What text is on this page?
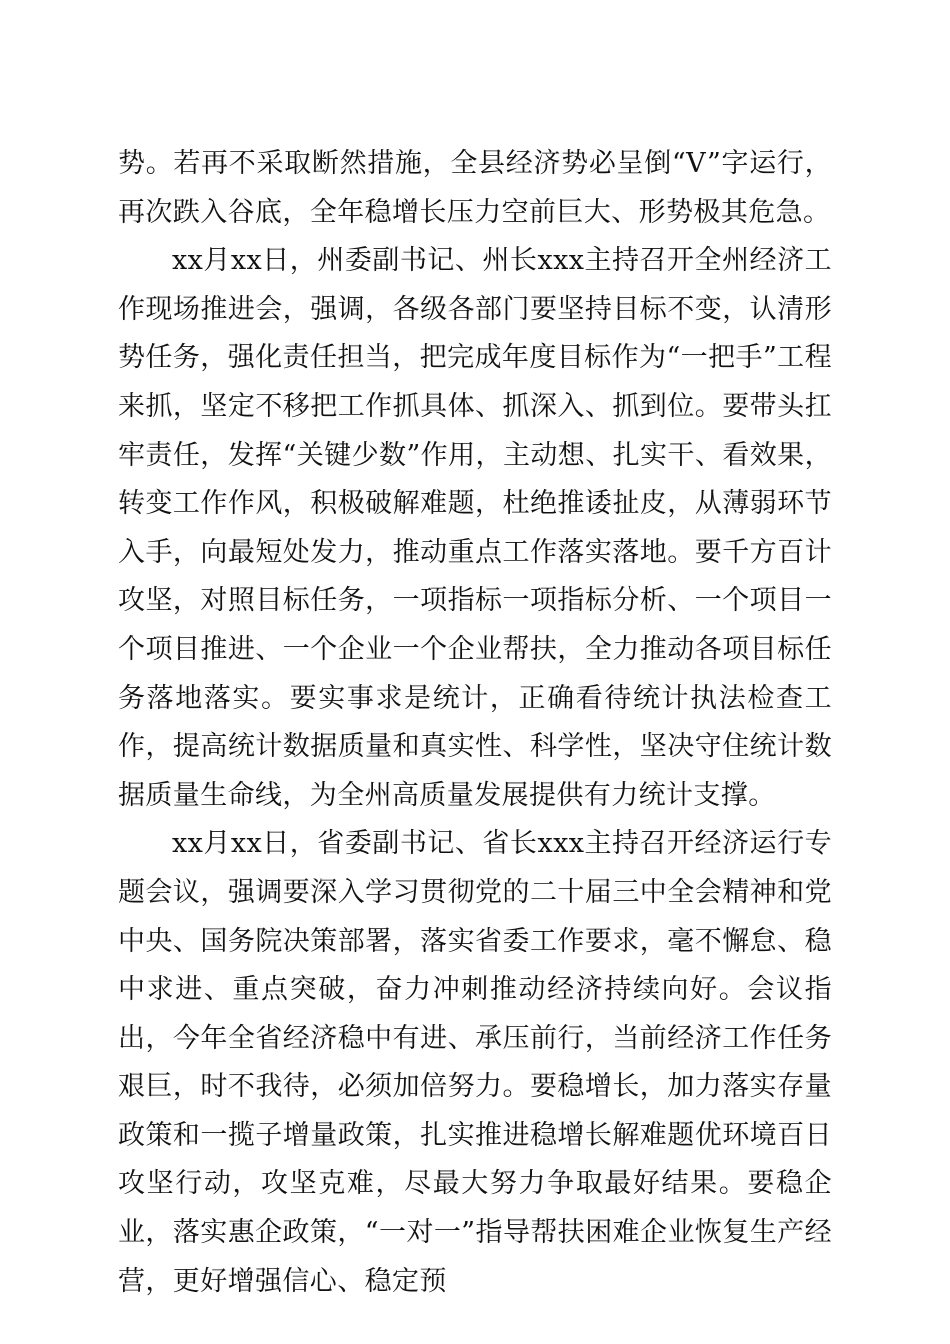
势。若再不采取断然措施，全县经济势必呈倒“V”字运行，再次跌入谷底，全年稳增长压力空前巨大、形势极其危急。

xx月xx日，州委副书记、州长xxx主持召开全州经济工作现场推进会，强调，各级各部门要坚持目标不变，认清形势任务，强化责任担当，把完成年度目标作为“一把手”工程来抓，坚定不移把工作抓具体、抓深入、抓到位。要带头扛牢责任，发挥“关键少数”作用，主动想、扎实干、看效果，转变工作作风，积极破解难题，杜绝推诿扯皮，从薄弱环节入手，向最短处发力，推动重点工作落实落地。要千方百计攻坚，对照目标任务，一项指标一项指标分析、一个项目一个项目推进、一个企业一个企业帮扶，全力推动各项目标任务落地落实。要实事求是统计，正确看待统计执法检查工作，提高统计数据质量和真实性、科学性，坚决守住统计数据质量生命线，为全州高质量发展提供有力统计支撑。

xx月xx日，省委副书记、省长xxx主持召开经济运行专题会议，强调要深入学习贯彻党的二十届三中全会精神和党中央、国务院决策部署，落实省委工作要求，毫不懈怠、稳中求进、重点突破，奋力冲刺推动经济持续向好。会议指出，今年全省经济稳中有进、承压前行，当前经济工作任务艰巨，时不我待，必须加倍努力。要稳增长，加力落实存量政策和一揽子增量政策，扎实推进稳增长解难题优环境百日攻坚行动，攻坚克难，尽最大努力争取最好结果。要稳企业，落实惠企政策，“一对一”指导帮扶困难企业恢复生产经营，更好增强信心、稳定预
